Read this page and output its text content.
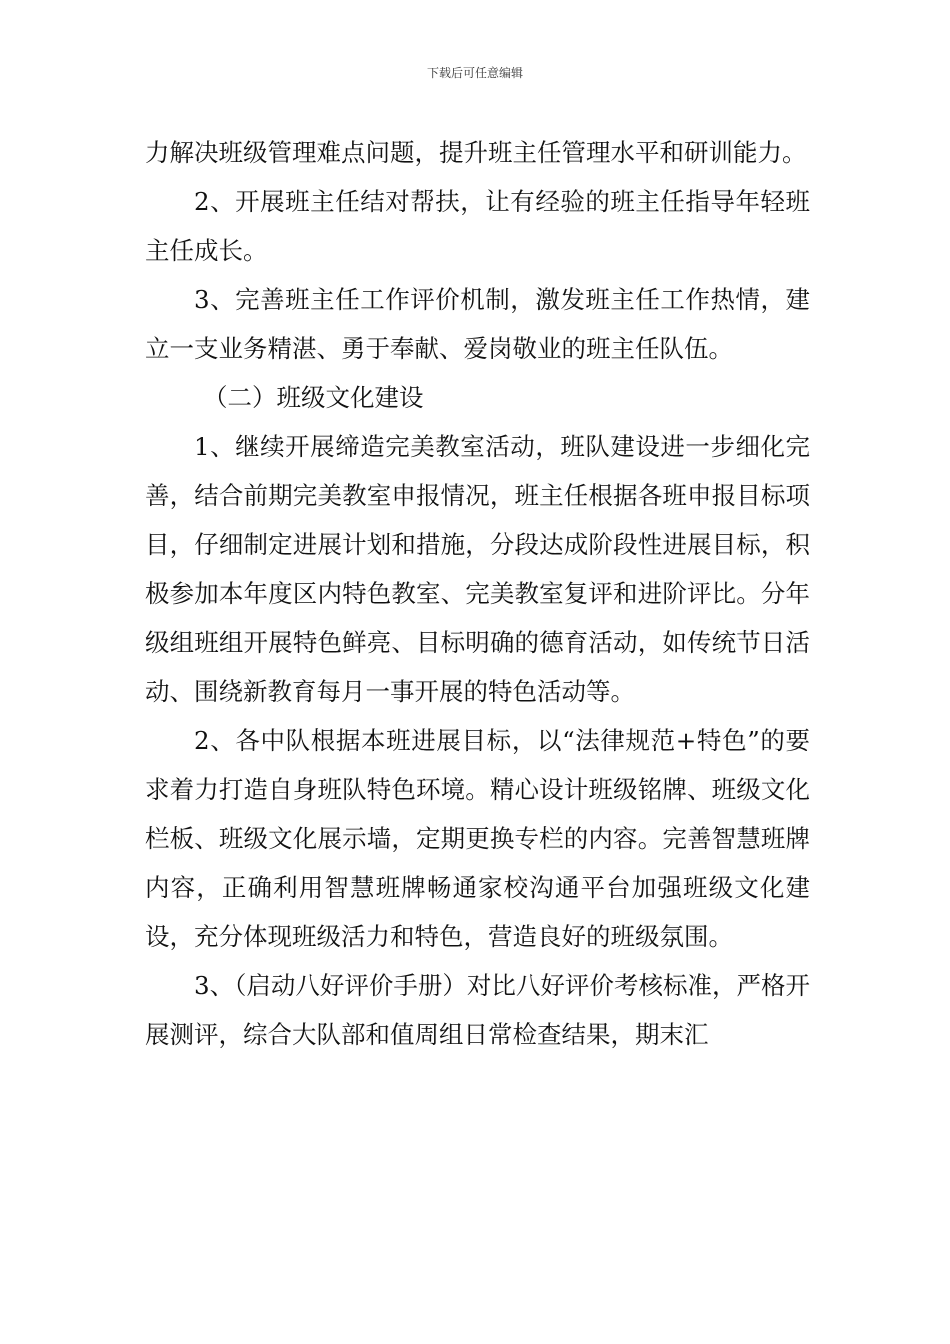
下载后可任意编辑

力解决班级管理难点问题，提升班主任管理水平和研训能力。

2、开展班主任结对帮扶，让有经验的班主任指导年轻班主任成长。

3、完善班主任工作评价机制，激发班主任工作热情，建立一支业务精湛、勇于奉献、爱岗敬业的班主任队伍。

（二）班级文化建设

1、继续开展缔造完美教室活动，班队建设进一步细化完善，结合前期完美教室申报情况，班主任根据各班申报目标项目，仔细制定进展计划和措施，分段达成阶段性进展目标，积极参加本年度区内特色教室、完美教室复评和进阶评比。分年级组班组开展特色鲜亮、目标明确的德育活动，如传统节日活动、围绕新教育每月一事开展的特色活动等。

2、各中队根据本班进展目标，以“法律规范+特色”的要求着力打造自身班队特色环境。精心设计班级铭牌、班级文化栏板、班级文化展示墙，定期更换专栏的内容。完善智慧班牌内容，正确利用智慧班牌畅通家校沟通平台加强班级文化建设，充分体现班级活力和特色，营造良好的班级氛围。

3、（启动八好评价手册）对比八好评价考核标准，严格开展测评，综合大队部和值周组日常检查结果，期末汇
